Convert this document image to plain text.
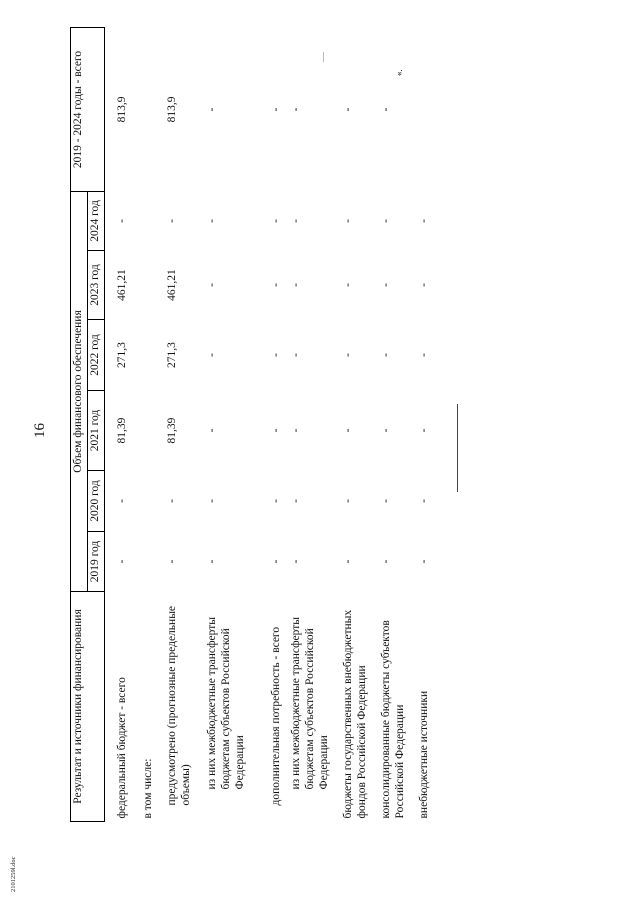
16
2101259l.doc
«.
Результат и источники финансирования	Объем финансового обеспечения						2019 - 2024 годы - всего
	2019 год	2020 год	2021 год	2022 год	2023 год	2024 год	

федеральный бюджет - всего	-	-	81,39	271,3	461,21	-	813,9
в том числе:							
предусмотрено (прогнозные предельные объемы)	-	-	81,39	271,3	461,21	-	813,9
из них межбюджетные трансферты бюджетам субъектов Российской Федерации	-	-	-	-	-	-	-
дополнительная потребность - всего	-	-	-	-	-	-	-
из них межбюджетные трансферты бюджетам субъектов Российской Федерации	-	-	-	-	-	-	-
бюджеты государственных внебюджетных фондов Российской Федерации	-	-	-	-	-	-	-
консолидированные бюджеты субъектов Российской Федерации	-	-	-	-	-	-	-
внебюджетные источники	-	-	-	-	-	-	
